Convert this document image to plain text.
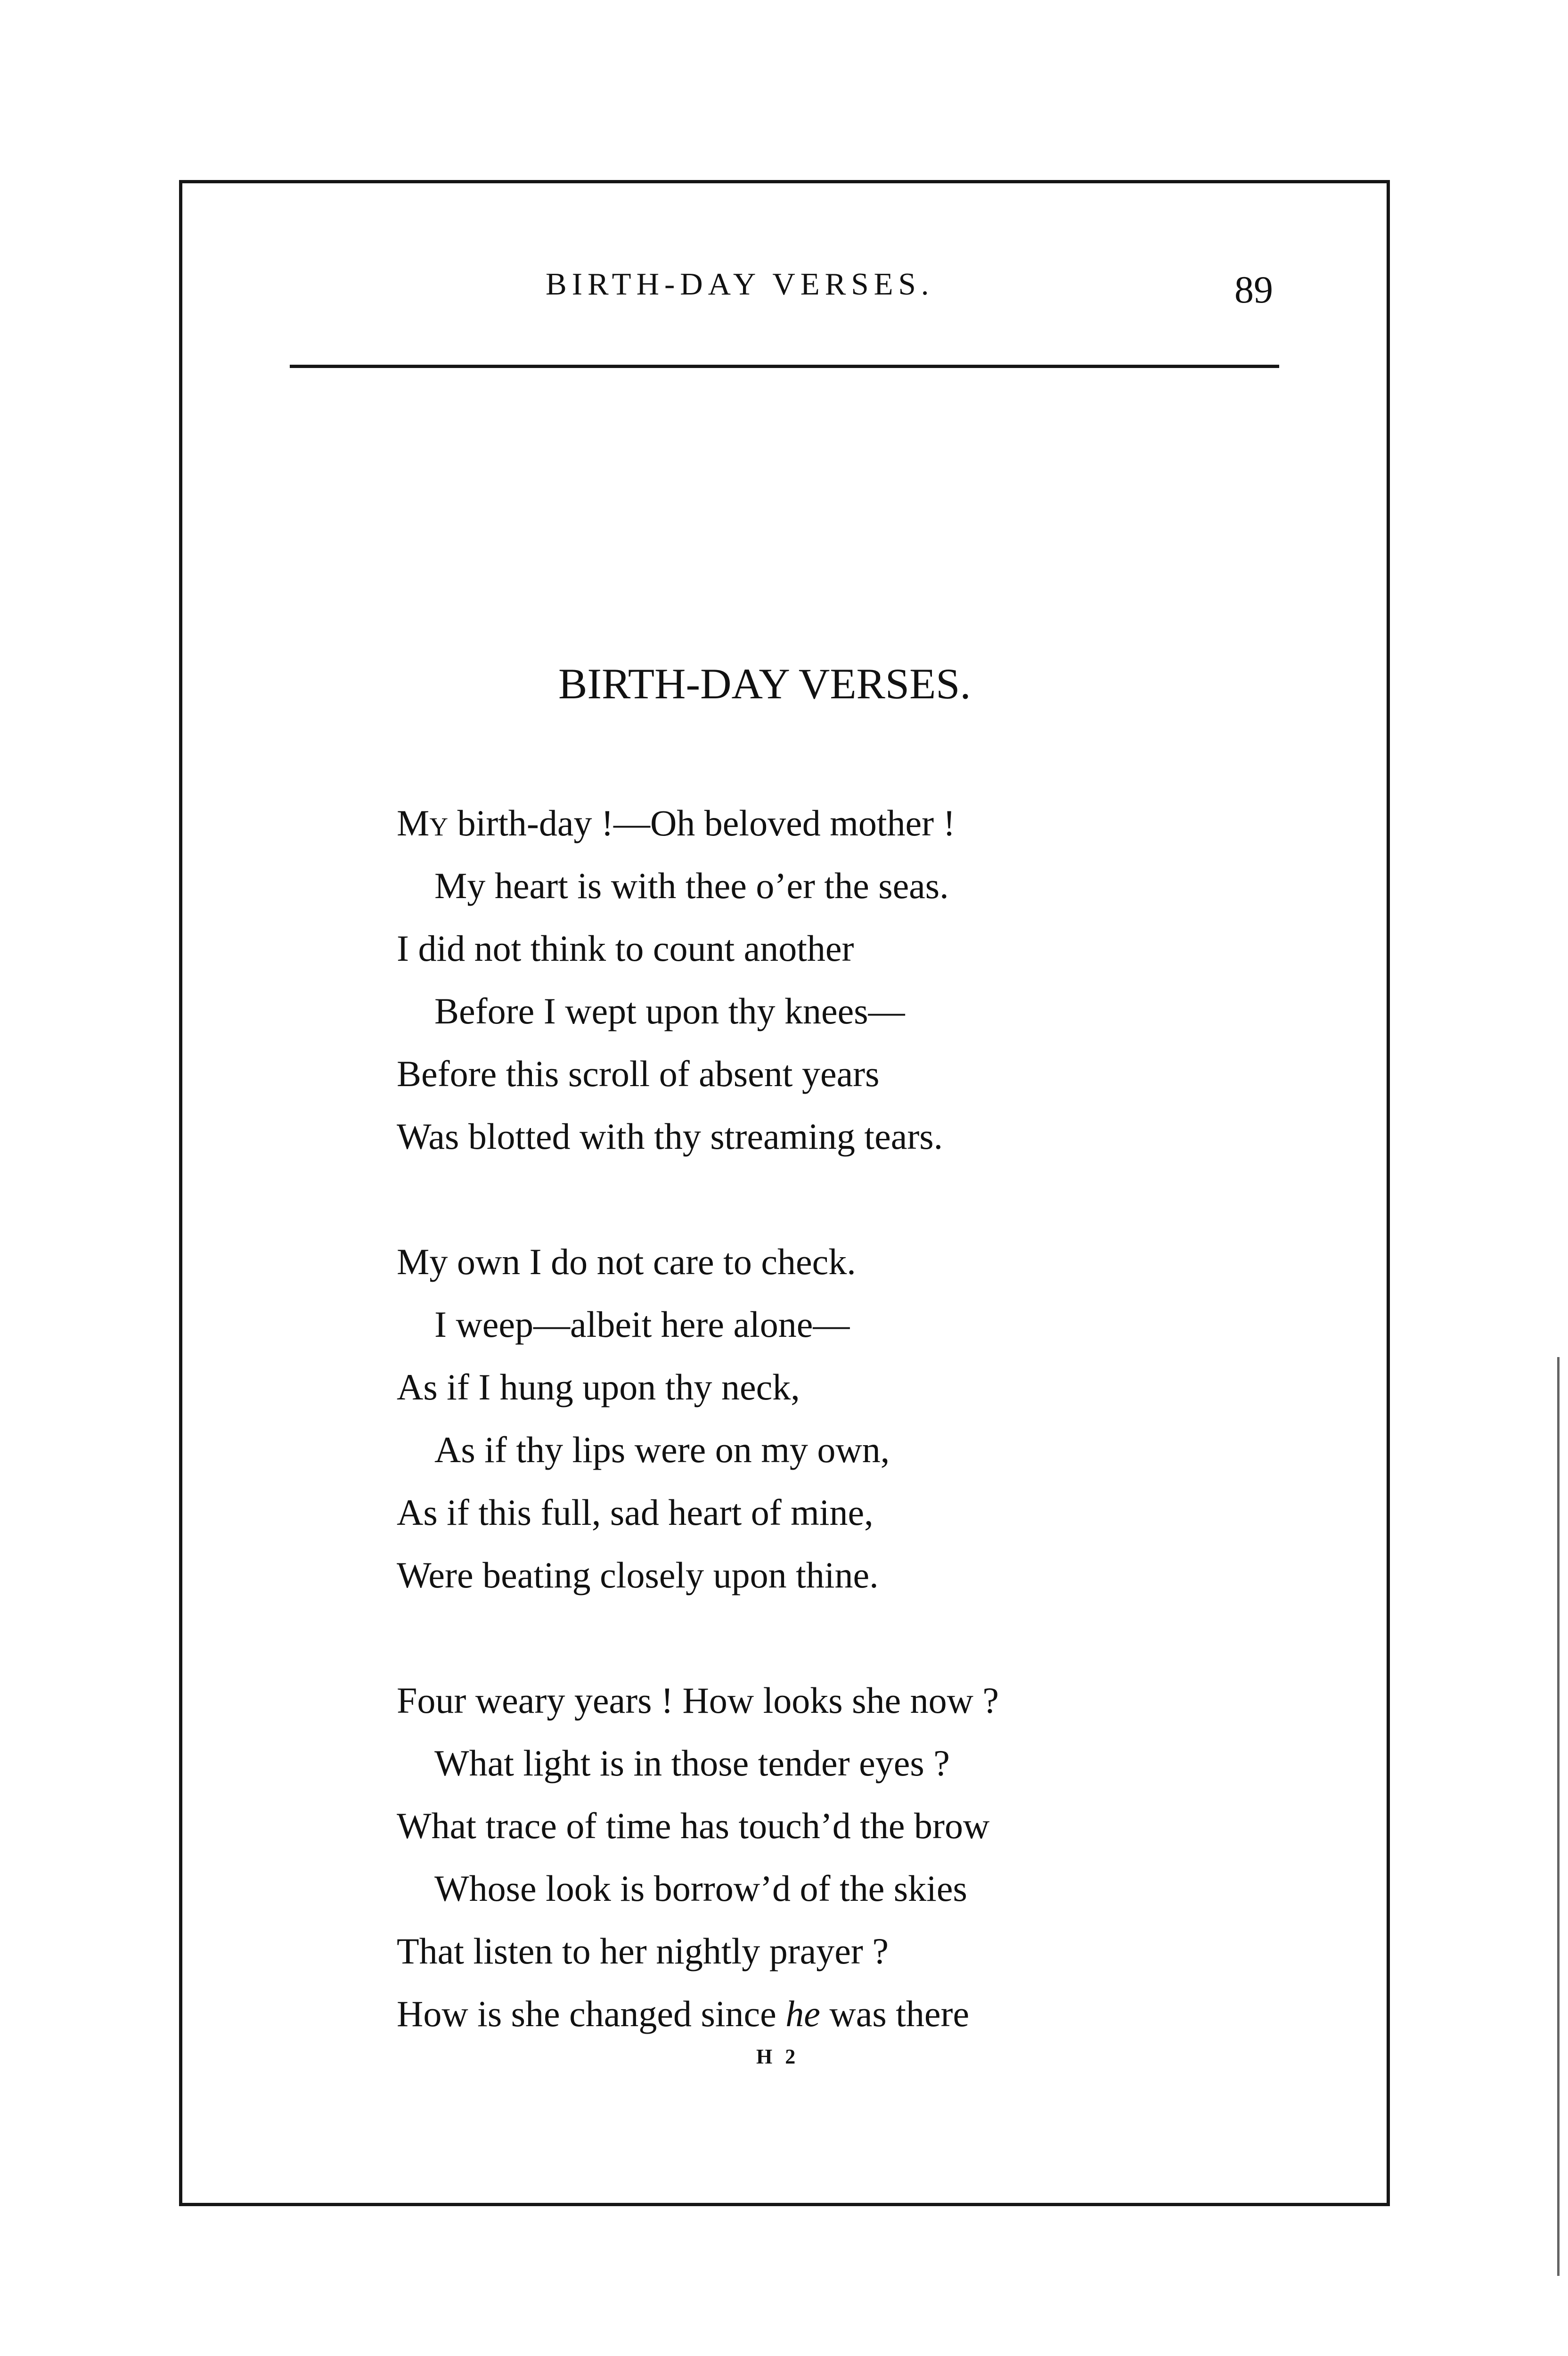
BIRTH-DAY VERSES.	89
BIRTH-DAY VERSES.
My birth-day !—Oh beloved mother !
My heart is with thee o’er the seas.
I did not think to count another
Before I wept upon thy knees—
Before this scroll of absent years
Was blotted with thy streaming tears.
My own I do not care to check.
I weep—albeit here alone—
As if I hung upon thy neck,
As if thy lips were on my own,
As if this full, sad heart of mine,
Were beating closely upon thine.
Four weary years ! How looks she now ?
What light is in those tender eyes ?
What trace of time has touch’d the brow
Whose look is borrow’d of the skies
That listen to her nightly prayer ?
How is she changed since he was there
H 2
